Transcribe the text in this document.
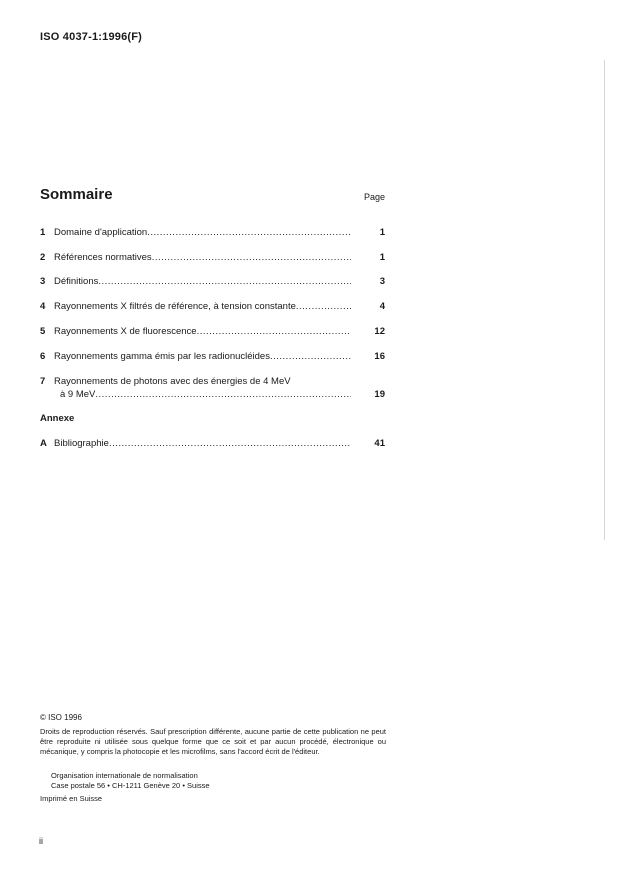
ISO 4037-1:1996(F)
Sommaire	Page
1 Domaine d'application .....	1
2 Références normatives .....	1
3 Définitions .....	3
4 Rayonnements X filtrés de référence, à tension constante .....	4
5 Rayonnements X de fluorescence .....	12
6 Rayonnements gamma émis par les radionucléides .....	16
7 Rayonnements de photons avec des énergies de 4 MeV
à 9 MeV .....	19
Annexe
A Bibliographie .....	41
© ISO 1996
Droits de reproduction réservés. Sauf prescription différente, aucune partie de cette publication ne peut être reproduite ni utilisée sous quelque forme que ce soit et par aucun procédé, électronique ou mécanique, y compris la photocopie et les microfilms, sans l'accord écrit de l'éditeur.
Organisation internationale de normalisation
Case postale 56 • CH-1211 Genève 20 • Suisse
Imprimé en Suisse
ii
